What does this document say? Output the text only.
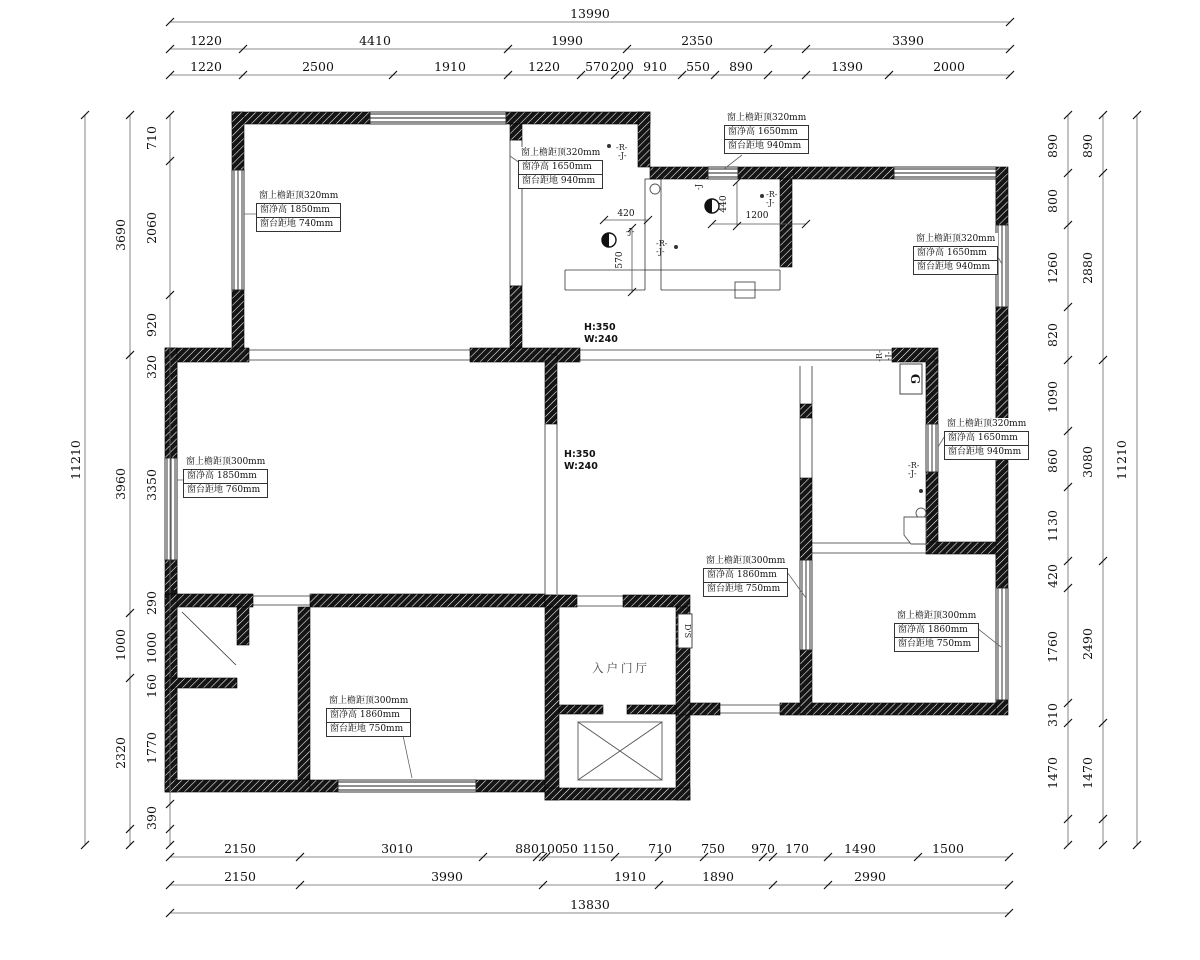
13990
1220	4410	1990	2350	3390
1220	2500	1910	1220 570 200 910 550 890	1390	2000
2150	3010	880 100 50 1150	710 750 970 170	1490	1500
2150	3990	1910	1890	2990
13830
11210
3690
3960
1000
2320
710
2060
920
320
3350
290
1000
160
1770
390
890
800
1260
820
1090
860
1130
420
1760
310
1470
890
2880
3080
2490
1470
11210
420
570
440
1200
H:350
W:240
H:350
W:240
-R-
-J-
-R-
-J-
-R-
-J-
-R-
-J-
-R- -J-
-J-
-J
入户门厅
D'S
G
窗上檐距顶320mm
窗净高 1850mm
窗台距地 740mm
窗上檐距顶320mm
窗净高 1650mm
窗台距地 940mm
窗上檐距顶320mm
窗净高 1650mm
窗台距地 940mm
窗上檐距顶320mm
窗净高 1650mm
窗台距地 940mm
窗上檐距顶300mm
窗净高 1850mm
窗台距地 760mm
窗上檐距顶320mm
窗净高 1650mm
窗台距地 940mm
窗上檐距顶300mm
窗净高 1860mm
窗台距地 750mm
窗上檐距顶300mm
窗净高 1860mm
窗台距地 750mm
窗上檐距顶300mm
窗净高 1860mm
窗台距地 750mm
